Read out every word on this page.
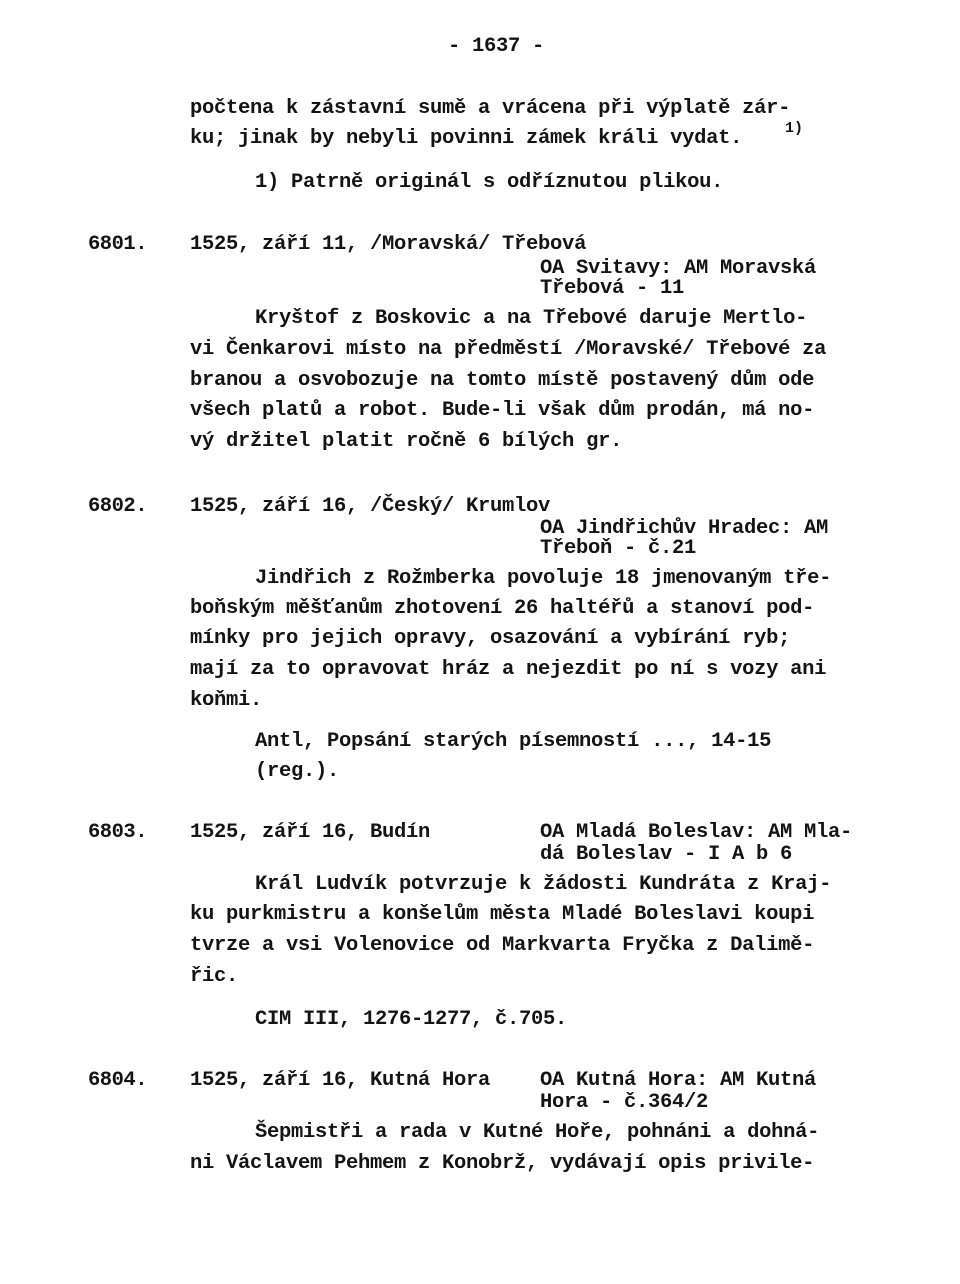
- 1637 -
počtena k zástavní sumě a vrácena při výplatě zár-
ku; jinak by nebyli povinni zámek králi vydat.	1)
1) Patrně originál s odříznutou plikou.
6801. 1525, září 11, /Moravská/ Třebová
OA Svitavy: AM Moravská
Třebová - 11
Kryštof z Boskovic a na Třebové daruje Mertlo-
vi Čenkarovi místo na předměstí /Moravské/ Třebové za
branou a osvobozuje na tomto místě postavený dům ode
všech platů a robot. Bude-li však dům prodán, má no-
vý držitel platit ročně 6 bílých gr.
6802. 1525, září 16, /Český/ Krumlov
OA Jindřichův Hradec: AM
Třeboň - č.21
Jindřich z Rožmberka povoluje 18 jmenovaným tře-
boňským měšťanům zhotovení 26 haltéřů a stanoví pod-
mínky pro jejich opravy, osazování a vybírání ryb;
mají za to opravovat hráz a nejezdit po ní s vozy ani
koňmi.
Antl, Popsání starých písemností ..., 14-15
(reg.).
6803. 1525, září 16, Budín	OA Mladá Boleslav: AM Mla-
dá Boleslav - I A b 6
Král Ludvík potvrzuje k žádosti Kundráta z Kraj-
ku purkmistru a konšelům města Mladé Boleslavi koupi
tvrze a vsi Volenovice od Markvarta Fryčka z Dalimě-
řic.
CIM III, 1276-1277, č.705.
6804. 1525, září 16, Kutná Hora OA Kutná Hora: AM Kutná
Hora - č.364/2
Šepmistři a rada v Kutné Hoře, pohnáni a dohná-
ni Václavem Pehmem z Konobrž, vydávají opis privile-
